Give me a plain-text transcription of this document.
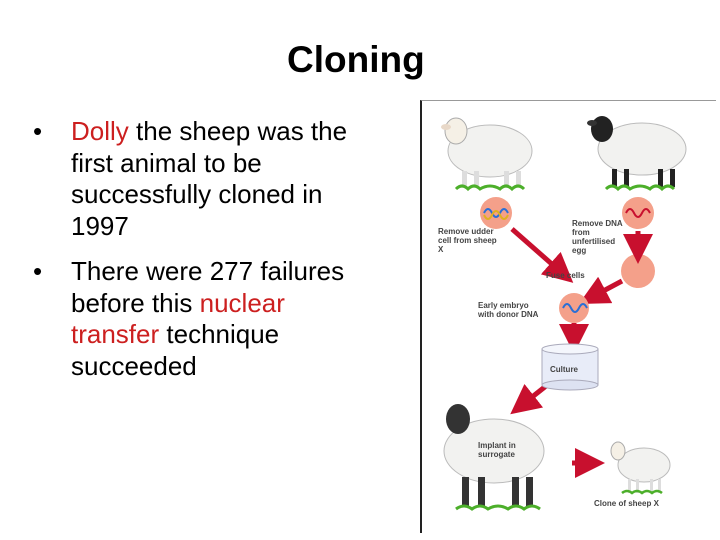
Cloning

• Dolly the sheep was the first animal to be successfully cloned in 1997

• There were 277 failures before this nuclear transfer technique succeeded

Remove udder cell from sheep X
Remove DNA from unfertilised egg
Fuse cells
Early embryo with donor DNA
Culture
Implant in surrogate
Clone of sheep X
